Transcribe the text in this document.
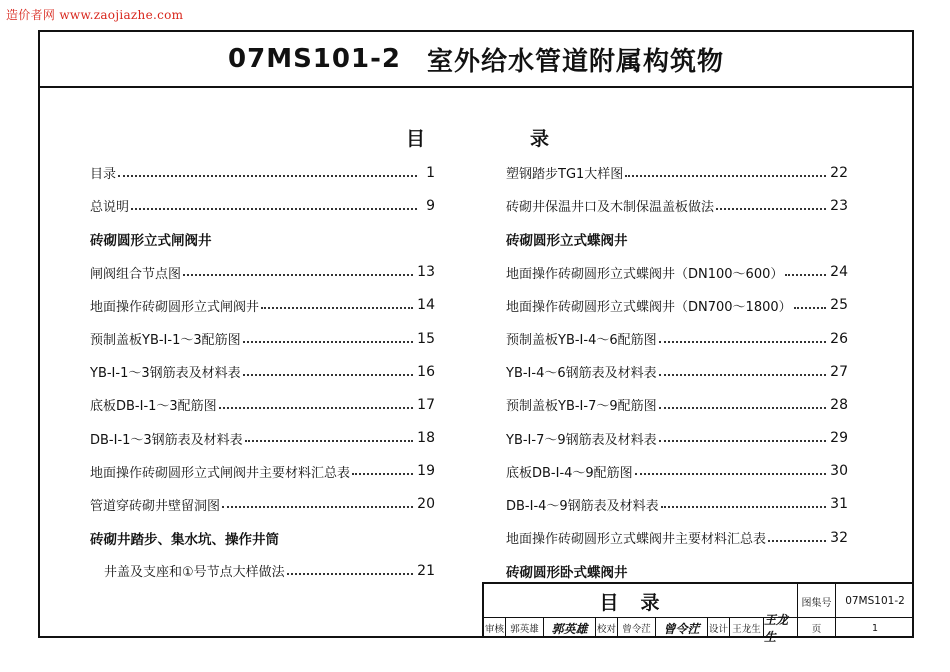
造价者网 www.zaojiazhe.com
07MS101-2 室外给水管道附属构筑物
目	录
目录	1
总说明	9
砖砌圆形立式闸阀井
闸阀组合节点图	13
地面操作砖砌圆形立式闸阀井	14
预制盖板YB-Ⅰ-1～3配筋图	15
YB-Ⅰ-1～3钢筋表及材料表	16
底板DB-Ⅰ-1～3配筋图	17
DB-Ⅰ-1～3钢筋表及材料表	18
地面操作砖砌圆形立式闸阀井主要材料汇总表	19
管道穿砖砌井壁留洞图	20
砖砌井踏步、集水坑、操作井筒
井盖及支座和①号节点大样做法	21
塑钢踏步TG1大样图	22
砖砌井保温井口及木制保温盖板做法	23
砖砌圆形立式蝶阀井
地面操作砖砌圆形立式蝶阀井（DN100～600）	24
地面操作砖砌圆形立式蝶阀井（DN700～1800）	25
预制盖板YB-Ⅰ-4～6配筋图	26
YB-Ⅰ-4～6钢筋表及材料表	27
预制盖板YB-Ⅰ-7～9配筋图	28
YB-Ⅰ-7～9钢筋表及材料表	29
底板DB-Ⅰ-4～9配筋图	30
DB-Ⅰ-4～9钢筋表及材料表	31
地面操作砖砌圆形立式蝶阀井主要材料汇总表	32
砖砌圆形卧式蝶阀井
目录	图集号	07MS101-2
审核 郭英雄	郭英雄 校对 曾令茳	曾令茳 设计 王龙生
王龙生
页	1
